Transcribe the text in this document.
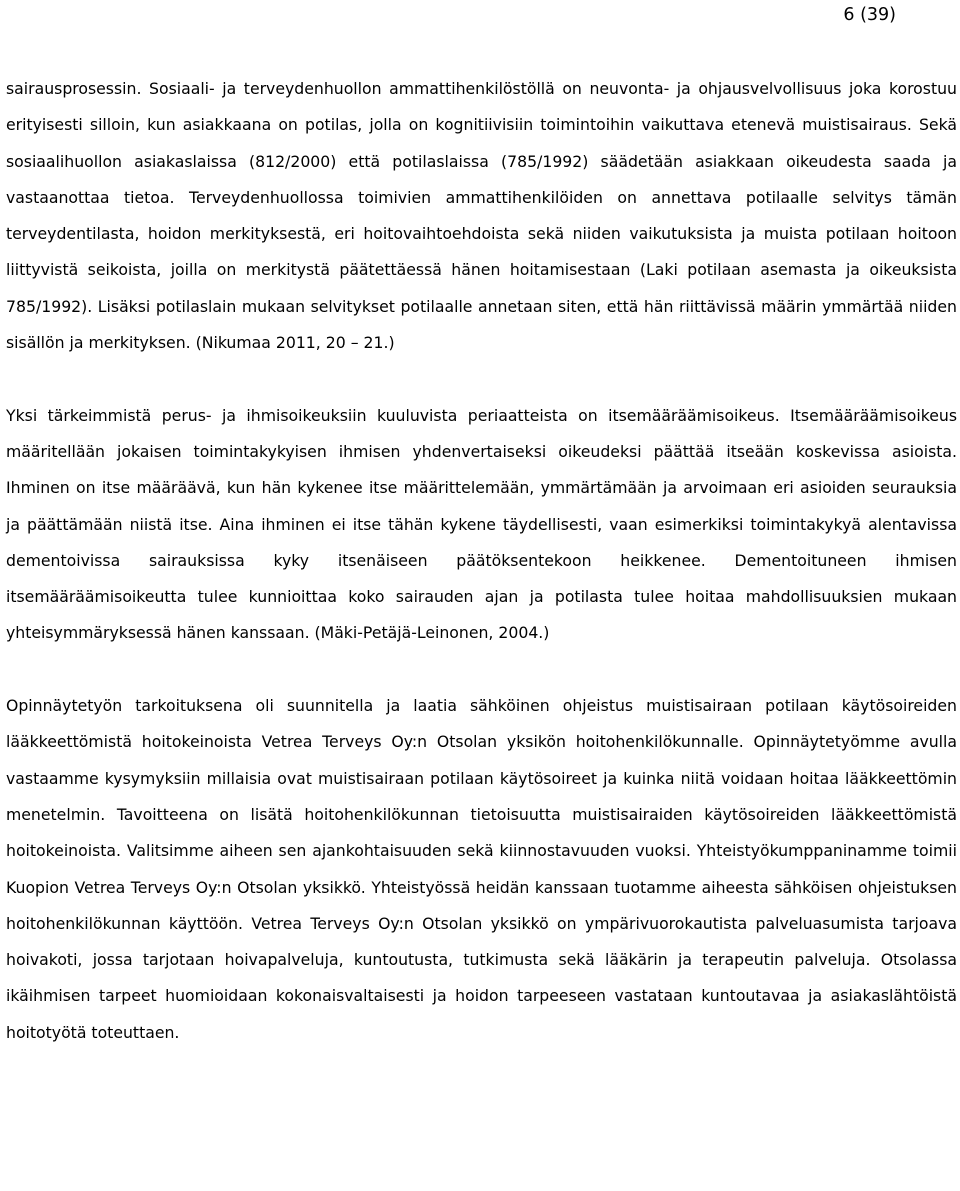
6 (39)

sairausprosessin. Sosiaali- ja terveydenhuollon ammattihenkilöstöllä on neuvonta- ja ohjausvelvollisuus joka korostuu erityisesti silloin, kun asiakkaana on potilas, jolla on kognitiivisiin toimintoihin vaikuttava etenevä muistisairaus. Sekä sosiaalihuollon asiakaslaissa (812/2000) että potilaslaissa (785/1992) säädetään asiakkaan oikeudesta saada ja vastaanottaa tietoa. Terveydenhuollossa toimivien ammattihenkilöiden on annettava potilaalle selvitys tämän terveydentilasta, hoidon merkityksestä, eri hoitovaihtoehdoista sekä niiden vaikutuksista ja muista potilaan hoitoon liittyvistä seikoista, joilla on merkitystä päätettäessä hänen hoitamisestaan (Laki potilaan asemasta ja oikeuksista 785/1992). Lisäksi potilaslain mukaan selvitykset potilaalle annetaan siten, että hän riittävissä määrin ymmärtää niiden sisällön ja merkityksen. (Nikumaa 2011, 20 – 21.)

Yksi tärkeimmistä perus- ja ihmisoikeuksiin kuuluvista periaatteista on itsemääräämisoikeus. Itsemääräämisoikeus määritellään jokaisen toimintakykyisen ihmisen yhdenvertaiseksi oikeudeksi päättää itseään koskevissa asioista. Ihminen on itse määräävä, kun hän kykenee itse määrittelemään, ymmärtämään ja arvoimaan eri asioiden seurauksia ja päättämään niistä itse. Aina ihminen ei itse tähän kykene täydellisesti, vaan esimerkiksi toimintakykyä alentavissa dementoivissa sairauksissa kyky itsenäiseen päätöksentekoon heikkenee. Dementoituneen ihmisen itsemääräämisoikeutta tulee kunnioittaa koko sairauden ajan ja potilasta tulee hoitaa mahdollisuuksien mukaan yhteisymmäryksessä hänen kanssaan. (Mäki-Petäjä-Leinonen, 2004.)

Opinnäytetyön tarkoituksena oli suunnitella ja laatia sähköinen ohjeistus muistisairaan potilaan käytösoireiden lääkkeettömistä hoitokeinoista Vetrea Terveys Oy:n Otsolan yksikön hoitohenkilökunnalle. Opinnäytetyömme avulla vastaamme kysymyksiin millaisia ovat muistisairaan potilaan käytösoireet ja kuinka niitä voidaan hoitaa lääkkeettömin menetelmin. Tavoitteena on lisätä hoitohenkilökunnan tietoisuutta muistisairaiden käytösoireiden lääkkeettömistä hoitokeinoista. Valitsimme aiheen sen ajankohtaisuuden sekä kiinnostavuuden vuoksi. Yhteistyökumppaninamme toimii Kuopion Vetrea Terveys Oy:n Otsolan yksikkö. Yhteistyössä heidän kanssaan tuotamme aiheesta sähköisen ohjeistuksen hoitohenkilökunnan käyttöön. Vetrea Terveys Oy:n Otsolan yksikkö on ympärivuorokautista palveluasumista tarjoava hoivakoti, jossa tarjotaan hoivapalveluja, kuntoutusta, tutkimusta sekä lääkärin ja terapeutin palveluja. Otsolassa ikäihmisen tarpeet huomioidaan kokonaisvaltaisesti ja hoidon tarpeeseen vastataan kuntoutavaa ja asiakaslähtöistä hoitotyötä toteuttaen.
